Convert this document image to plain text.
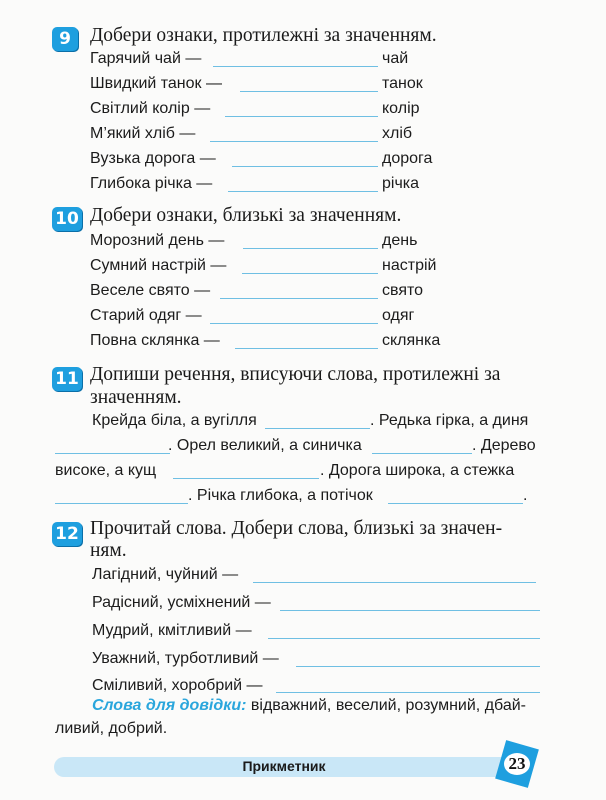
9 Добери ознаки, протилежні за значенням.
Гарячий чай —	чай
Швидкий танок —	танок
Світлий колір —	колір
М’який хліб —	хліб
Вузька дорога —	дорога
Глибока річка —	річка
10 Добери ознаки, близькі за значенням.
Морозний день —	день
Сумний настрій —	настрій
Веселе свято —	свято
Старий одяг —	одяг
Повна склянка —	склянка
11 Допиши речення, вписуючи слова, протилежні за
значенням.
Крейда біла, а вугілля	. Редька гірка, а диня
. Орел великий, а синичка	. Дерево
високе, а кущ	. Дорога широка, а стежка
. Річка глибока, а потічок	.
12 Прочитай слова. Добери слова, близькі за значен-
ням.
Лагідний, чуйний —
Радісний, усміхнений —
Мудрий, кмітливий —
Уважний, турботливий —
Сміливий, хоробрий —
Слова для довідки: відважний, веселий, розумний, дбай-
ливий, добрий.
Прикметник	23
